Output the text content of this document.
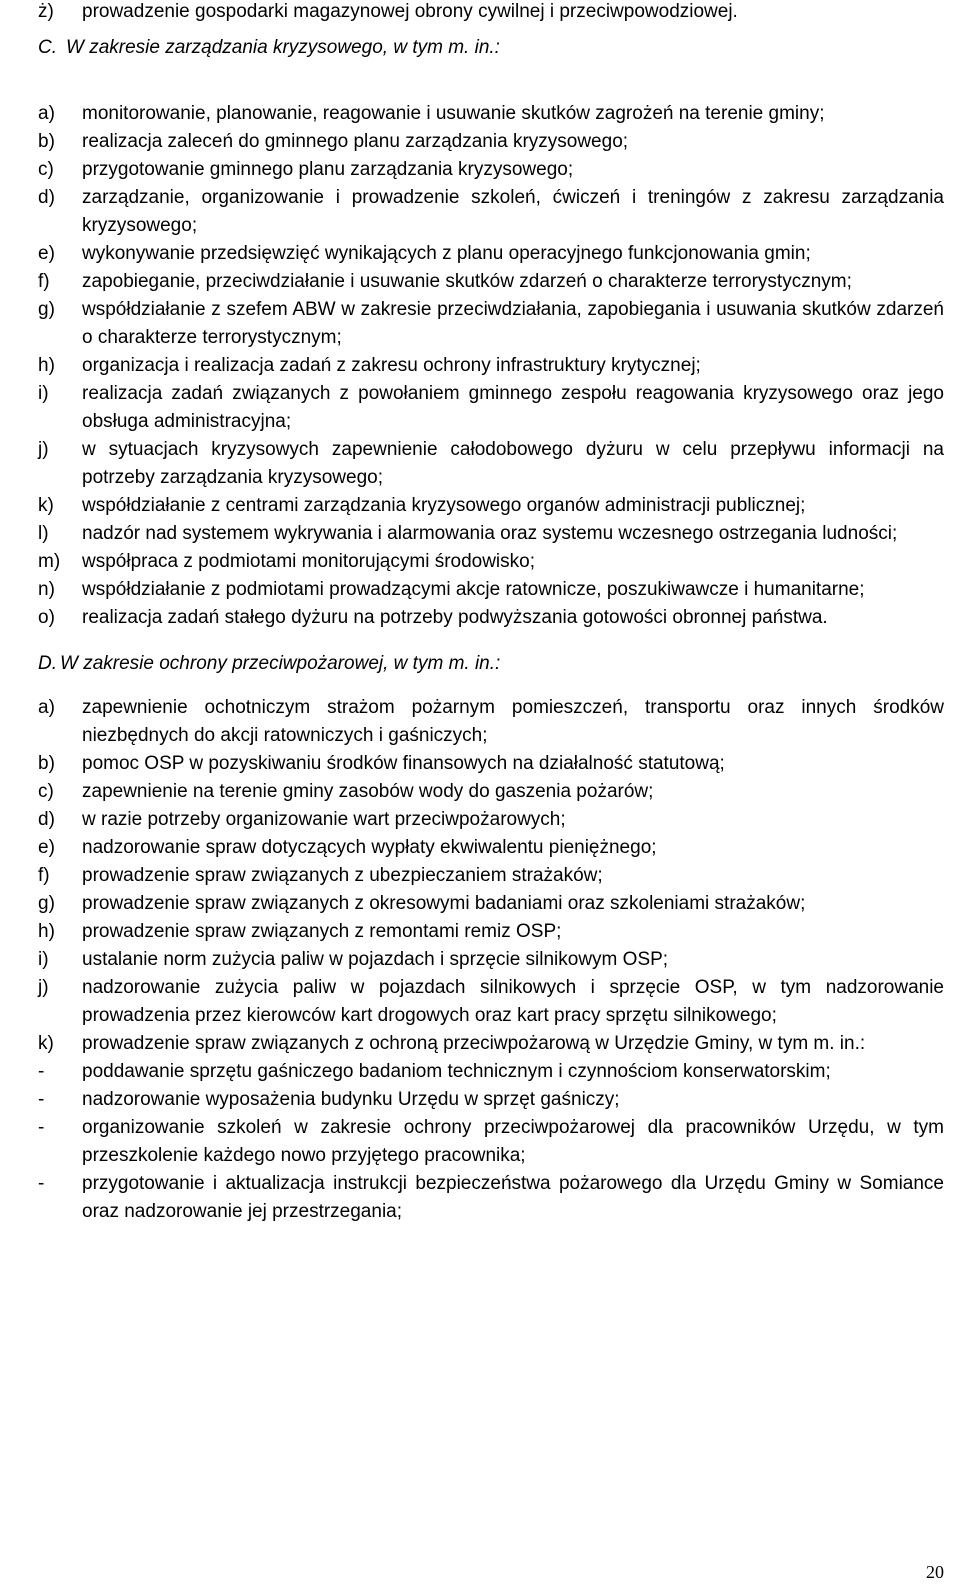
ż) prowadzenie gospodarki magazynowej obrony cywilnej i przeciwpowodziowej.
C. W zakresie zarządzania kryzysowego, w tym m. in.:

a) monitorowanie, planowanie, reagowanie i usuwanie skutków zagrożeń na terenie gminy;

b) realizacja zaleceń do gminnego planu zarządzania kryzysowego;

c) przygotowanie gminnego planu zarządzania kryzysowego;

d) zarządzanie, organizowanie i prowadzenie szkoleń, ćwiczeń i treningów z zakresu zarządzania kryzysowego;

e) wykonywanie przedsięwzięć wynikających z planu operacyjnego funkcjonowania gmin;

f) zapobieganie, przeciwdziałanie i usuwanie skutków zdarzeń o charakterze terrorystycznym;

g) współdziałanie z szefem ABW w zakresie przeciwdziałania, zapobiegania i usuwania skutków zdarzeń o charakterze terrorystycznym;

h) organizacja i realizacja zadań z zakresu ochrony infrastruktury krytycznej;

i) realizacja zadań związanych z powołaniem gminnego zespołu reagowania kryzysowego oraz jego obsługa administracyjna;

j) w sytuacjach kryzysowych zapewnienie całodobowego dyżuru w celu przepływu informacji na potrzeby zarządzania kryzysowego;

k) współdziałanie z centrami zarządzania kryzysowego organów administracji publicznej;

l) nadzór nad systemem wykrywania i alarmowania oraz systemu wczesnego ostrzegania ludności;

m) współpraca z podmiotami monitorującymi środowisko;

n) współdziałanie z podmiotami prowadzącymi akcje ratownicze, poszukiwawcze i humanitarne;

o) realizacja zadań stałego dyżuru na potrzeby podwyższania gotowości obronnej państwa.

D. W zakresie ochrony przeciwpożarowej, w tym m. in.:

a) zapewnienie ochotniczym strażom pożarnym pomieszczeń, transportu oraz innych środków niezbędnych do akcji ratowniczych i gaśniczych;

b) pomoc OSP w pozyskiwaniu środków finansowych na działalność statutową;

c) zapewnienie na terenie gminy zasobów wody do gaszenia pożarów;

d) w razie potrzeby organizowanie wart przeciwpożarowych;

e) nadzorowanie spraw dotyczących wypłaty ekwiwalentu pieniężnego;

f) prowadzenie spraw związanych z ubezpieczaniem strażaków;

g) prowadzenie spraw związanych z okresowymi badaniami oraz szkoleniami strażaków;

h) prowadzenie spraw związanych z remontami remiz OSP;

i) ustalanie norm zużycia paliw w pojazdach i sprzęcie silnikowym OSP;

j) nadzorowanie zużycia paliw w pojazdach silnikowych i sprzęcie OSP, w tym nadzorowanie prowadzenia przez kierowców kart drogowych oraz kart pracy sprzętu silnikowego;

k) prowadzenie spraw związanych z ochroną przeciwpożarową w Urzędzie Gminy, w tym m. in.:

- poddawanie sprzętu gaśniczego badaniom technicznym i czynnościom konserwatorskim;

- nadzorowanie wyposażenia budynku Urzędu w sprzęt gaśniczy;

- organizowanie szkoleń w zakresie ochrony przeciwpożarowej dla pracowników Urzędu, w tym przeszkolenie każdego nowo przyjętego pracownika;

- przygotowanie i aktualizacja instrukcji bezpieczeństwa pożarowego dla Urzędu Gminy w Somiance oraz nadzorowanie jej przestrzegania;

20
